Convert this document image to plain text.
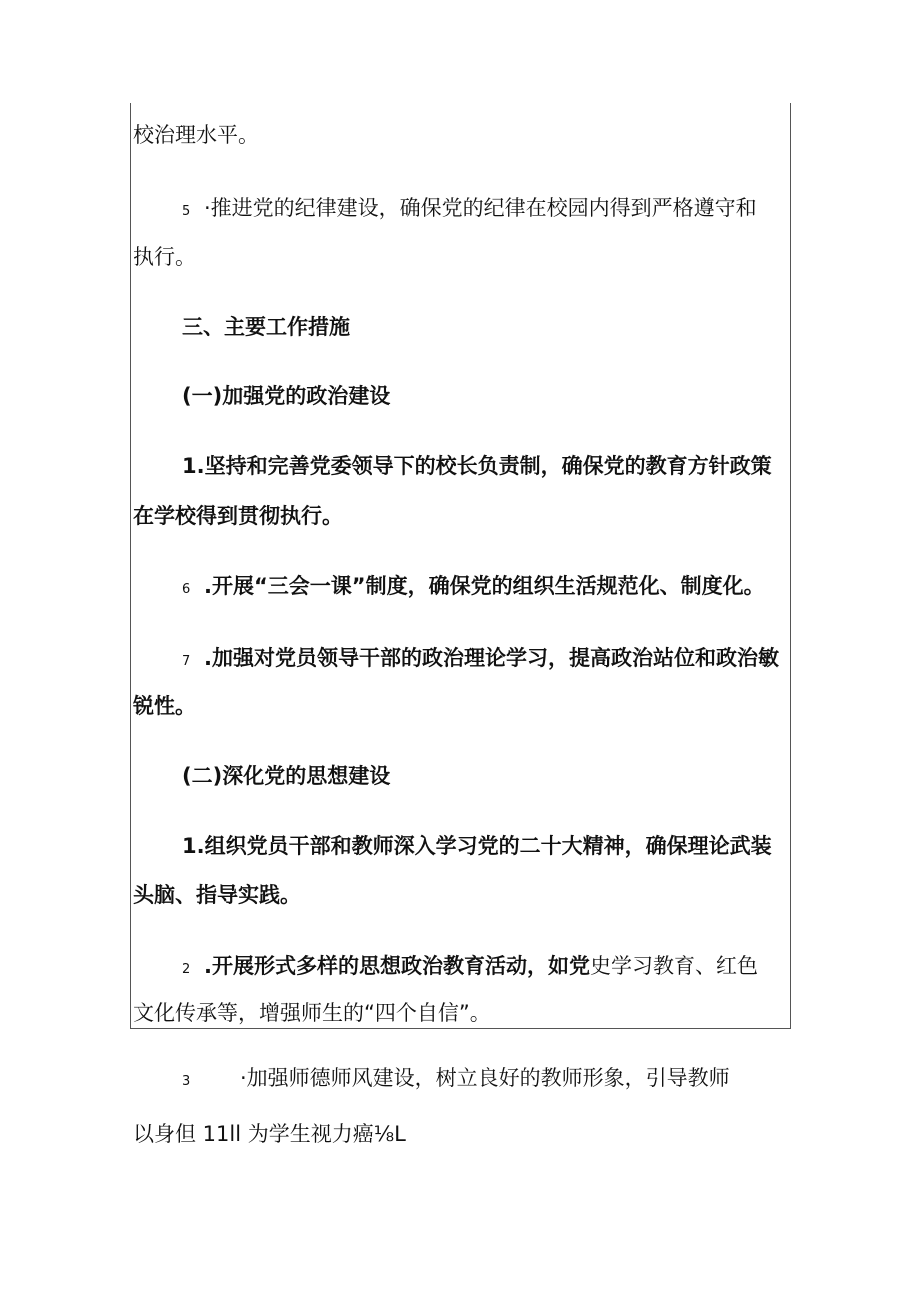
校治理水平。
5 ·推进党的纪律建设，确保党的纪律在校园内得到严格遵守和
执行。
三、主要工作措施
(一)加强党的政治建设
1.坚持和完善党委领导下的校长负责制，确保党的教育方针政策
在学校得到贯彻执行。
6 .开展“三会一课”制度，确保党的组织生活规范化、制度化。
7 .加强对党员领导干部的政治理论学习，提高政治站位和政治敏
锐性。
(二)深化党的思想建设
1.组织党员干部和教师深入学习党的二十大精神，确保理论武装
头脑、指导实践。
2 .开展形式多样的思想政治教育活动，如党史学习教育、红色
文化传承等，增强师生的“四个自信”。
3 ·加强师德师风建设，树立良好的教师形象，引导教师
以身但 11ll 为学生视力癌⅛L
